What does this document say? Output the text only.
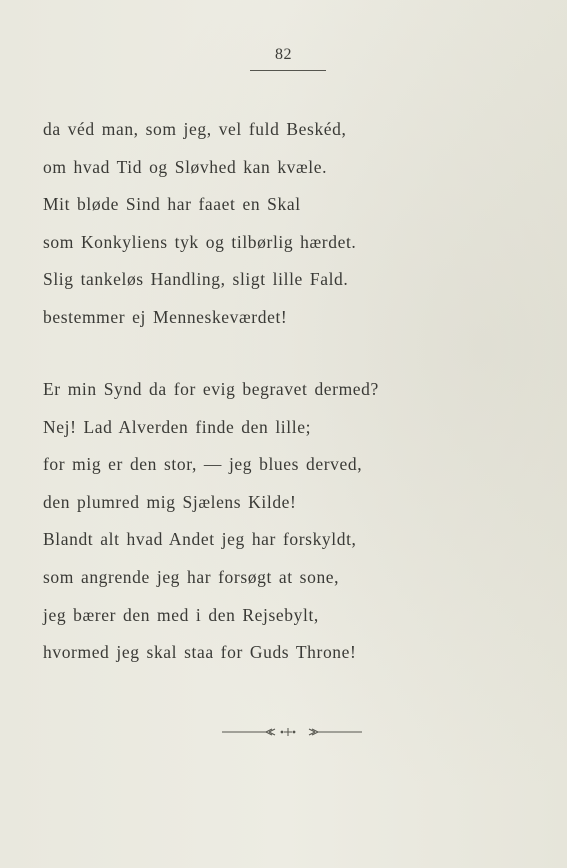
82
da véd man, som jeg, vel fuld Beskéd,
om hvad Tid og Sløvhed kan kvæle.
Mit bløde Sind har faaet en Skal
som Konkyliens tyk og tilbørlig hærdet.
Slig tankeløs Handling, sligt lille Fald.
bestemmer ej Menneskeværdet!
Er min Synd da for evig begravet dermed?
Nej! Lad Alverden finde den lille;
for mig er den stor, — jeg blues derved,
den plumred mig Sjælens Kilde!
Blandt alt hvad Andet jeg har forskyldt,
som angrende jeg har forsøgt at sone,
jeg bærer den med i den Rejsebylt,
hvormed jeg skal staa for Guds Throne!
